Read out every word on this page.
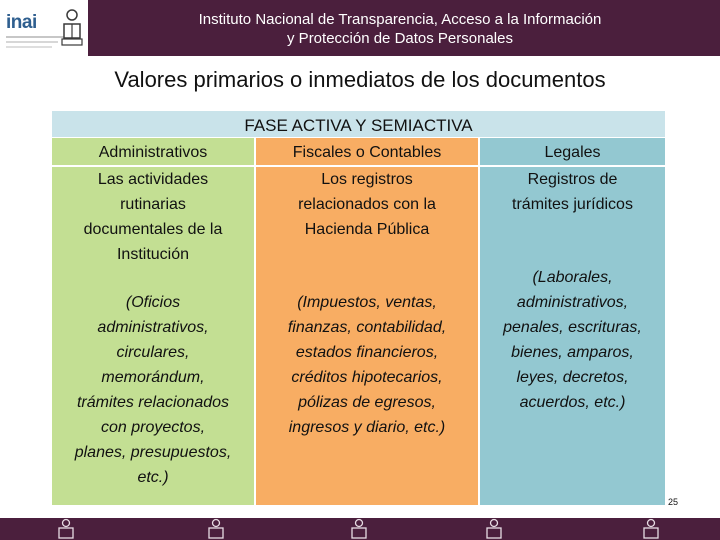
inai	Instituto Nacional de Transparencia, Acceso a la Información
y Protección de Datos Personales
Valores primarios o inmediatos de los documentos
FASE ACTIVA Y SEMIACTIVA
Administrativos
Las actividades
rutinarias
documentales de la
Institución
(Oficios
administrativos,
circulares,
memorándum,
trámites relacionados
con proyectos,
planes, presupuestos,
etc.)
Fiscales o Contables
Los registros
relacionados con la
Hacienda Pública
(Impuestos, ventas,
finanzas, contabilidad,
estados financieros,
créditos hipotecarios,
pólizas de egresos,
ingresos y diario, etc.)
Legales
Registros de
trámites jurídicos
(Laborales,
administrativos,
penales, escrituras,
bienes, amparos,
leyes, decretos,
acuerdos, etc.)
25
